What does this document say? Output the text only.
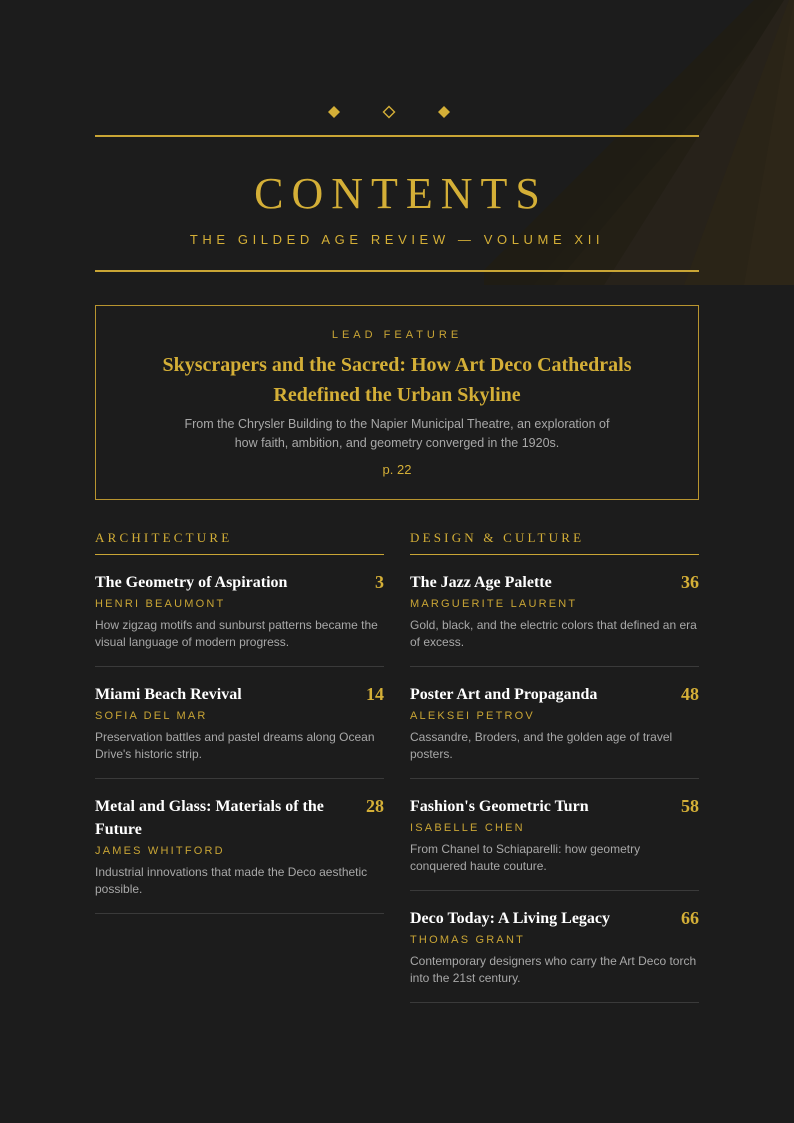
CONTENTS
THE GILDED AGE REVIEW — VOLUME XII
LEAD FEATURE
Skyscrapers and the Sacred: How Art Deco Cathedrals Redefined the Urban Skyline
From the Chrysler Building to the Napier Municipal Theatre, an exploration of how faith, ambition, and geometry converged in the 1920s.
p. 22
ARCHITECTURE
The Geometry of Aspiration	3
HENRI BEAUMONT
How zigzag motifs and sunburst patterns became the visual language of modern progress.
Miami Beach Revival	14
SOFIA DEL MAR
Preservation battles and pastel dreams along Ocean Drive's historic strip.
Metal and Glass: Materials of the Future
28
JAMES WHITFORD
Industrial innovations that made the Deco aesthetic possible.
DESIGN & CULTURE
The Jazz Age Palette	36
MARGUERITE LAURENT
Gold, black, and the electric colors that defined an era of excess.
Poster Art and Propaganda	48
ALEKSEI PETROV
Cassandre, Broders, and the golden age of travel posters.
Fashion's Geometric Turn	58
ISABELLE CHEN
From Chanel to Schiaparelli: how geometry conquered haute couture.
Deco Today: A Living Legacy	66
THOMAS GRANT
Contemporary designers who carry the Art Deco torch into the 21st century.
